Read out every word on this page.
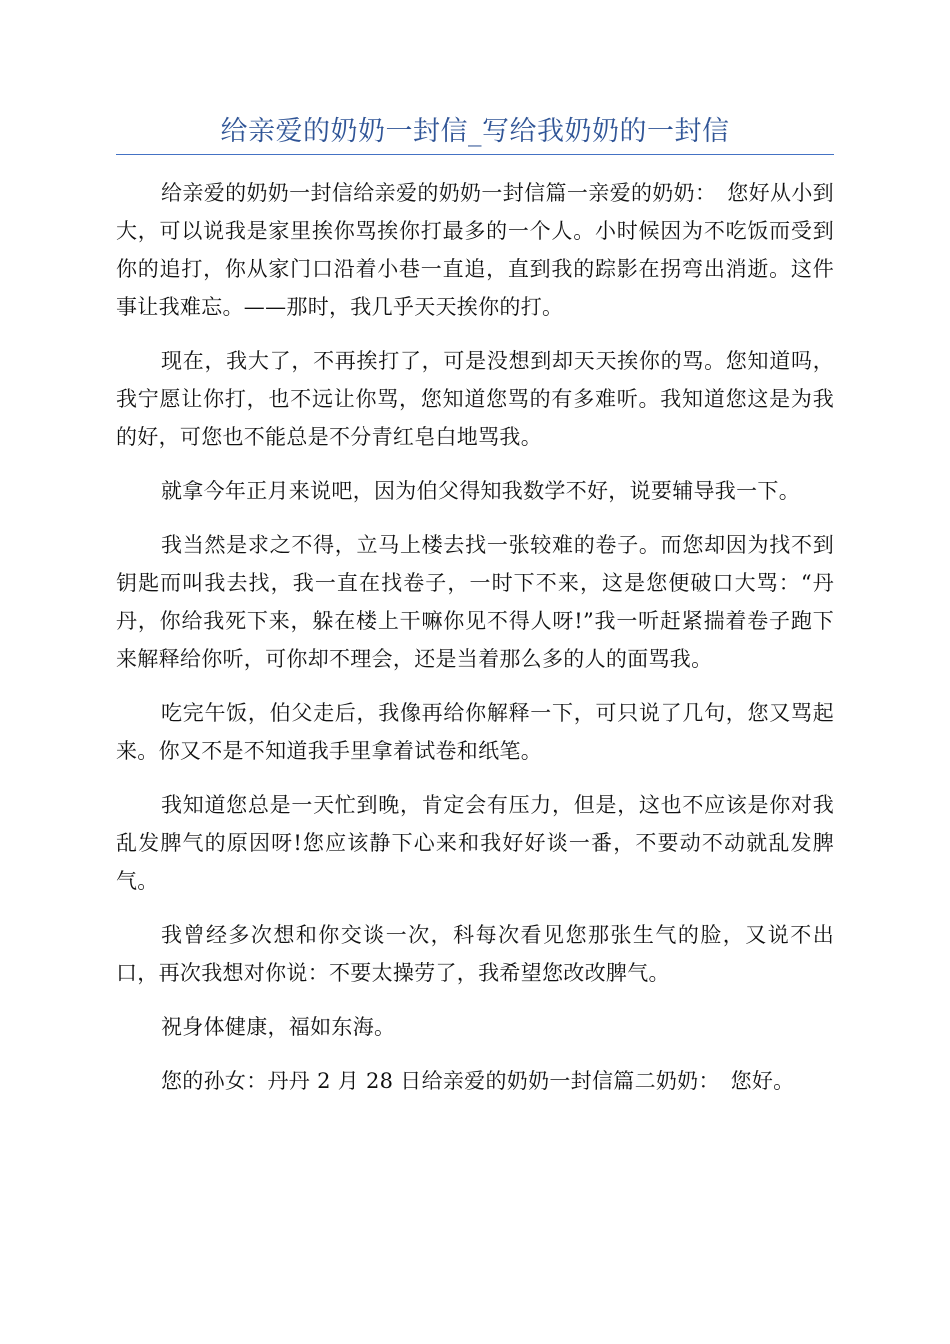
给亲爱的奶奶一封信_写给我奶奶的一封信

给亲爱的奶奶一封信给亲爱的奶奶一封信篇一亲爱的奶奶：　您好从小到大，可以说我是家里挨你骂挨你打最多的一个人。小时候因为不吃饭而受到你的追打，你从家门口沿着小巷一直追，直到我的踪影在拐弯出消逝。这件事让我难忘。——那时，我几乎天天挨你的打。

现在，我大了，不再挨打了，可是没想到却天天挨你的骂。您知道吗，我宁愿让你打，也不远让你骂，您知道您骂的有多难听。我知道您这是为我的好，可您也不能总是不分青红皂白地骂我。

就拿今年正月来说吧，因为伯父得知我数学不好，说要辅导我一下。

我当然是求之不得，立马上楼去找一张较难的卷子。而您却因为找不到钥匙而叫我去找，我一直在找卷子，一时下不来，这是您便破口大骂：“丹丹，你给我死下来，躲在楼上干嘛你见不得人呀!”我一听赶紧揣着卷子跑下来解释给你听，可你却不理会，还是当着那么多的人的面骂我。

吃完午饭，伯父走后，我像再给你解释一下，可只说了几句，您又骂起来。你又不是不知道我手里拿着试卷和纸笔。

我知道您总是一天忙到晚，肯定会有压力，但是，这也不应该是你对我乱发脾气的原因呀!您应该静下心来和我好好谈一番，不要动不动就乱发脾气。

我曾经多次想和你交谈一次，科每次看见您那张生气的脸，又说不出口，再次我想对你说：不要太操劳了，我希望您改改脾气。

祝身体健康，福如东海。

您的孙女：丹丹 2 月 28 日给亲爱的奶奶一封信篇二奶奶：　您好。
